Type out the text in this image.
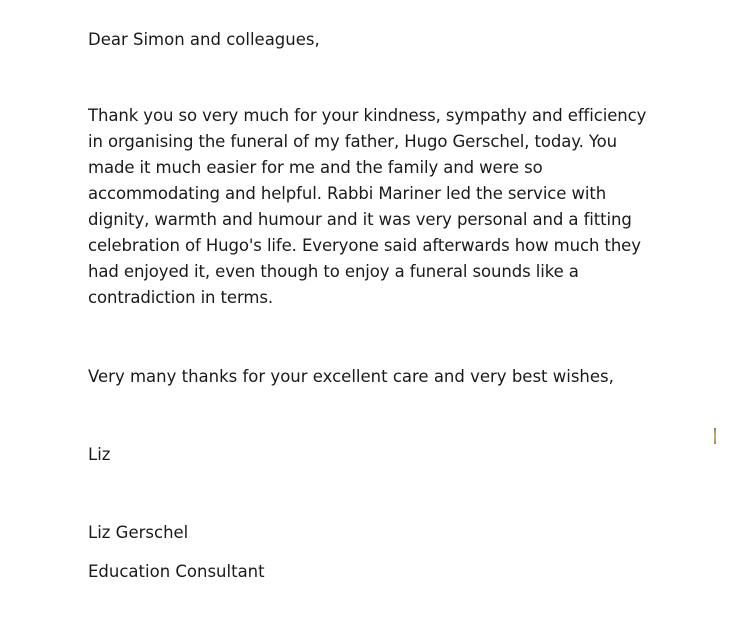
Dear Simon and colleagues,
Thank you so very much for your kindness, sympathy and efficiency
in organising the funeral of my father, Hugo Gerschel, today. You
made it much easier for me and the family and were so
accommodating and helpful. Rabbi Mariner led the service with
dignity, warmth and humour and it was very personal and a fitting
celebration of Hugo's life. Everyone said afterwards how much they
had enjoyed it, even though to enjoy a funeral sounds like a
contradiction in terms.
Very many thanks for your excellent care and very best wishes,
Liz
Liz Gerschel
Education Consultant
